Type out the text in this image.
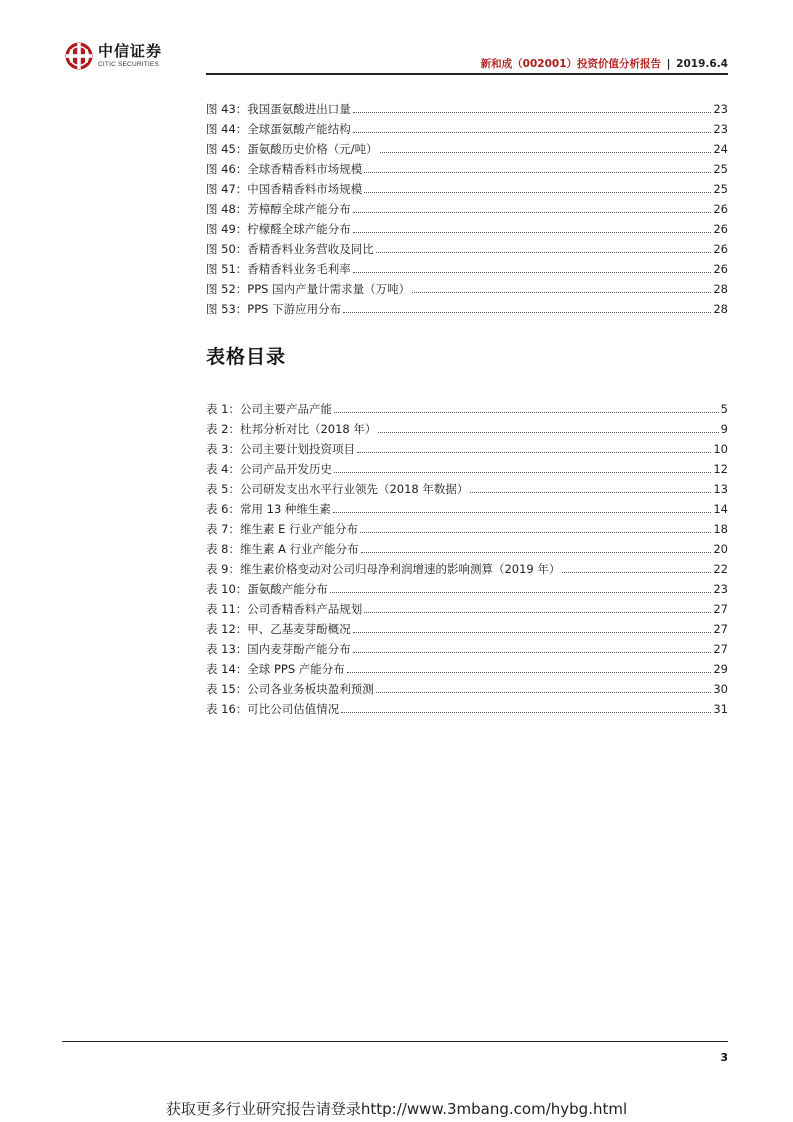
中信证券
CITIC SECURITIES	新和成（002001）投资价值分析报告 | 2019.6.4
图 43：我国蛋氨酸进出口量	23
图 44：全球蛋氨酸产能结构	23
图 45：蛋氨酸历史价格（元/吨）	24
图 46：全球香精香料市场规模	25
图 47：中国香精香料市场规模	25
图 48：芳樟醇全球产能分布	26
图 49：柠檬醛全球产能分布	26
图 50：香精香料业务营收及同比	26
图 51：香精香料业务毛利率	26
图 52：PPS 国内产量计需求量（万吨）	28
图 53：PPS 下游应用分布	28
表格目录
表 1：公司主要产品产能	5
表 2：杜邦分析对比（2018 年）	9
表 3：公司主要计划投资项目	10
表 4：公司产品开发历史	12
表 5：公司研发支出水平行业领先（2018 年数据）	13
表 6：常用 13 种维生素	14
表 7：维生素 E 行业产能分布	18
表 8：维生素 A 行业产能分布	20
表 9：维生素价格变动对公司归母净利润增速的影响测算（2019 年）	22
表 10：蛋氨酸产能分布	23
表 11：公司香精香料产品规划	27
表 12：甲、乙基麦芽酚概况	27
表 13：国内麦芽酚产能分布	27
表 14：全球 PPS 产能分布	29
表 15：公司各业务板块盈利预测	30
表 16：可比公司估值情况	31
3
获取更多行业研究报告请登录http://www.3mbang.com/hybg.html
